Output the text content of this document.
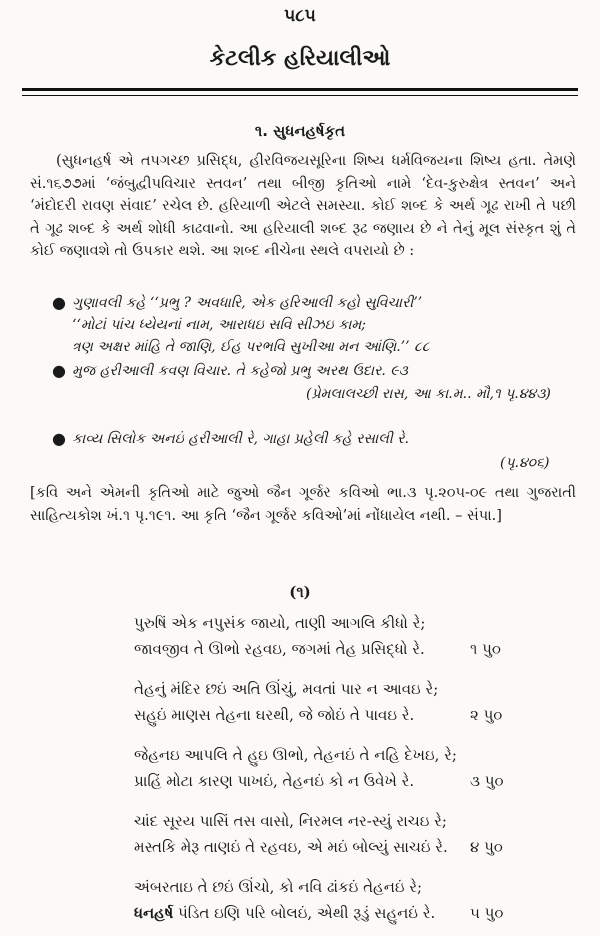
૫૮૫
કેટલીક હરિયાલીઓ
૧. સુધનહર્ષકૃત

(સુધનહર્ષ એ તપગચ્છ પ્રસિદ્ધ, હીરવિજયસૂરિના શિષ્ય ધર્મવિજયના શિષ્ય હતા. તેમણે સં.૧૬૭૭માં ‘જંબુદ્વીપવિચાર સ્તવન’ તથા બીજી કૃતિઓ નામે ‘દેવ-કુરુક્ષેત્ર સ્તવન’ અને ‘મંદોદરી રાવણ સંવાદ’ રચેલ છે. હરિયાળી એટલે સમસ્યા. કોઈ શબ્દ કે અર્થ ગૂઢ રાખી તે પછી તે ગૂઢ શબ્દ કે અર્થ શોધી કાઢવાનો. આ હરિયાલી શબ્દ રૂઢ જણાય છે ને તેનું મૂલ સંસ્કૃત શું તે કોઈ જણાવશે તો ઉપકાર થશે. આ શબ્દ નીચેના સ્થલે વપરાયો છે :

● ગુણાવલી કહે ‘‘પ્રભુ ? અવધારિ, એક હરિઆલી કહો સુવિચારી’’
‘‘મોટાં પાંચ ધ્યેયનાં નામ, આરાધઇ સવિ સીઝઇ કામ;
ત્રણ અક્ષર માંહિ તે જાણિ, ઈહ પરભવિ સુખીઆ મન આંણિ.’’ ૮૮
● મુજ હરીઆલી કવણ વિચાર. તે કહેજો પ્રભુ અરથ ઉદાર. ૯૩
(પ્રેમલાલચ્છી રાસ, આ કા.મ.. મૌ,૧ પૃ.૪૪૩)
● કાવ્ય સિલોક અનઇં હરીઆલી રે, ગાહા પ્રહેલી કહે રસાલી રે.
(પૃ.૪૦૬)

[કવિ અને એમની કૃતિઓ માટે જુઓ જૈન ગૂર્જર કવિઓ ભા.૩ પૃ.૨૦૫-૦૯ તથા ગુજરાતી સાહિત્યકોશ ખં.૧ પૃ.૧૯૧. આ કૃતિ ‘જૈન ગૂર્જર કવિઓ’માં નોંધાયેલ નથી. – સંપા.]

(૧)
પુરુષિં એક નપુસંક જાયો, તાણી આગલિ કીધો રે;
જાવજીવ તે ઊભો રહવઇ, જગમાં તેહ પ્રસિદ્ધો રે.	૧ પુ૦
તેહનું મંદિર છઇં અતિ ઊંચું, મવતાં પાર ન આવઇ રે;
સહુઇં માણસ તેહના ઘરથી, જે જોઇં તે પાવઇ રે.	૨ પુ૦
જેહનઇ આપલિ તે હુઇ ઊભો, તેહનઇં તે નહિ દેખઇ, રે;
પ્રાહિં મોટા કારણ પાખઇં, તેહનઇં કો ન ઉવેખે રે.	૩ પુ૦
ચાંદ સૂરય પાસિં તસ વાસો, નિરમલ નર-સ્યું રાચઇ રે;
મસ્તકિ મેરૂ તાણઇં તે રહવઇ, એ મઇં બોલ્યું સાચઇં રે. ૪ પુ૦
અંબરતાઇ તે છઇં ઊંચો, કો નવિ ઢાંકઇં તેહનઇં રે;
ધનહર્ષ પંડિત ઇણિ પરિ બોલઇં, એથી રૂડું સહુનઇં રે. ૫ પુ૦
